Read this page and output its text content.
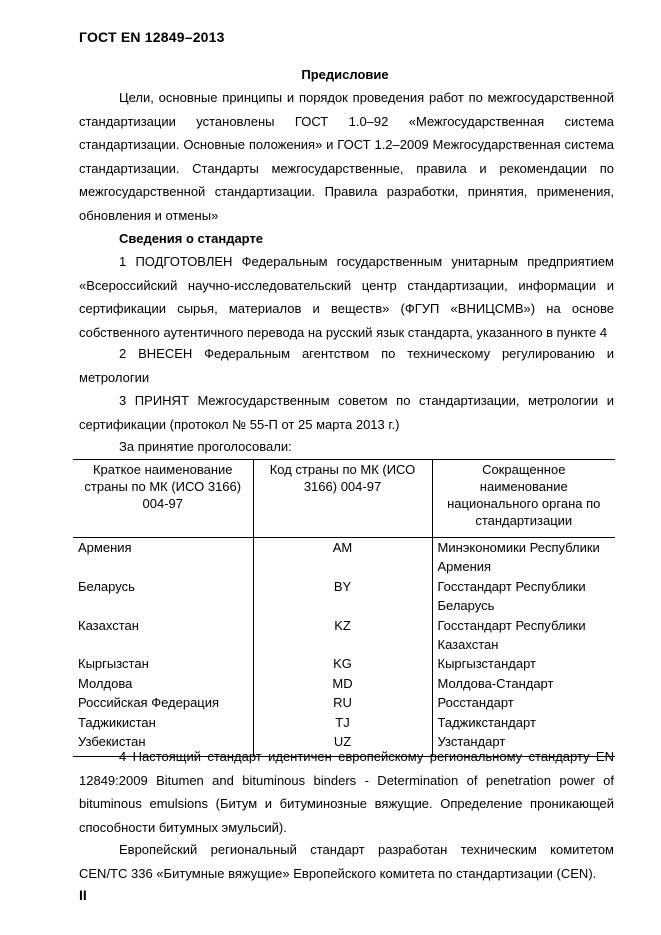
ГОСТ EN 12849–2013
Предисловие
Цели, основные принципы и порядок проведения работ по межгосударственной стандартизации установлены ГОСТ 1.0–92 «Межгосударственная система стандартизации. Основные положения» и ГОСТ 1.2–2009 Межгосударственная система стандартизации. Стандарты межгосударственные, правила и рекомендации по межгосударственной стандартизации. Правила разработки, принятия, применения, обновления и отмены»
Сведения о стандарте
1 ПОДГОТОВЛЕН Федеральным государственным унитарным предприятием «Всероссийский научно-исследовательский центр стандартизации, информации и сертификации сырья, материалов и веществ» (ФГУП «ВНИЦСМВ») на основе собственного аутентичного перевода на русский язык стандарта, указанного в пункте 4
2 ВНЕСЕН Федеральным агентством по техническому регулированию и метрологии
3 ПРИНЯТ Межгосударственным советом по стандартизации, метрологии и сертификации (протокол № 55-П от 25 марта 2013 г.)
За принятие проголосовали:
Краткое наименование страны по МК (ИСО 3166) 004-97	Код страны по МК (ИСО 3166) 004-97	Сокращенное наименование национального органа по стандартизации
Армения	AM	Минэкономики Республики Армения
Беларусь	BY	Госстандарт Республики Беларусь
Казахстан	KZ	Госстандарт Республики Казахстан
Кыргызстан	KG	Кыргызстандарт
Молдова	MD	Молдова-Стандарт
Российская Федерация	RU	Росстандарт
Таджикистан	TJ	Таджикстандарт
Узбекистан	UZ	Узстандарт
4 Настоящий стандарт идентичен европейскому региональному стандарту EN 12849:2009 Bitumen and bituminous binders - Determination of penetration power of bituminous emulsions (Битум и битуминозные вяжущие. Определение проникающей способности битумных эмульсий).
Европейский региональный стандарт разработан техническим комитетом CEN/TC 336 «Битумные вяжущие» Европейского комитета по стандартизации (CEN).
II
